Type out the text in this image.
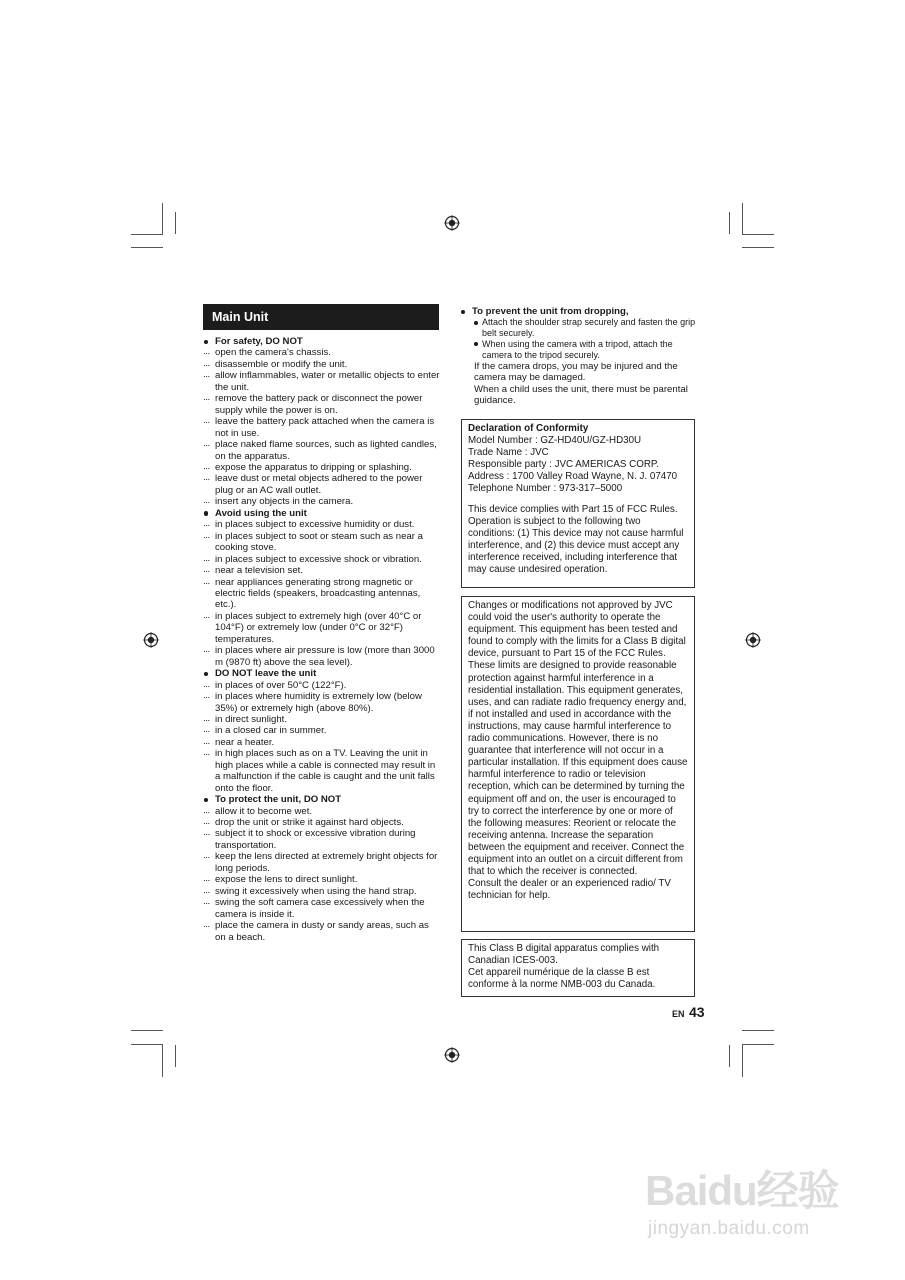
Main Unit
For safety, DO NOT
... open the camera's chassis.
... disassemble or modify the unit.
... allow inflammables, water or metallic objects to enter the unit.
... remove the battery pack or disconnect the power supply while the power is on.
... leave the battery pack attached when the camera is not in use.
... place naked flame sources, such as lighted candles, on the apparatus.
... expose the apparatus to dripping or splashing.
... leave dust or metal objects adhered to the power plug or an AC wall outlet.
... insert any objects in the camera.
Avoid using the unit
... in places subject to excessive humidity or dust.
... in places subject to soot or steam such as near a cooking stove.
... in places subject to excessive shock or vibration.
... near a television set.
... near appliances generating strong magnetic or electric fields (speakers, broadcasting antennas, etc.).
... in places subject to extremely high (over 40°C or 104°F) or extremely low (under 0°C or 32°F) temperatures.
... in places where air pressure is low (more than 3000 m (9870 ft) above the sea level).
DO NOT leave the unit
... in places of over 50°C (122°F).
... in places where humidity is extremely low (below 35%) or extremely high (above 80%).
... in direct sunlight.
... in a closed car in summer.
... near a heater.
... in high places such as on a TV. Leaving the unit in high places while a cable is connected may result in a malfunction if the cable is caught and the unit falls onto the floor.
To protect the unit, DO NOT
... allow it to become wet.
... drop the unit or strike it against hard objects.
... subject it to shock or excessive vibration during transportation.
... keep the lens directed at extremely bright objects for long periods.
... expose the lens to direct sunlight.
... swing it excessively when using the hand strap.
... swing the soft camera case excessively when the camera is inside it.
... place the camera in dusty or sandy areas, such as on a beach.
To prevent the unit from dropping,
Attach the shoulder strap securely and fasten the grip belt securely.
When using the camera with a tripod, attach the camera to the tripod securely.
If the camera drops, you may be injured and the camera may be damaged.
When a child uses the unit, there must be parental guidance.

Declaration of Conformity

Model Number : GZ-HD40U/GZ-HD30U

Trade Name : JVC

Responsible party : JVC AMERICAS CORP.

Address : 1700 Valley Road Wayne, N. J. 07470

Telephone Number : 973-317–5000

This device complies with Part 15 of FCC Rules. Operation is subject to the following two conditions: (1) This device may not cause harmful interference, and (2) this device must accept any interference received, including interference that may cause undesired operation.

Changes or modifications not approved by JVC could void the user's authority to operate the equipment. This equipment has been tested and found to comply with the limits for a Class B digital device, pursuant to Part 15 of the FCC Rules. These limits are designed to provide reasonable protection against harmful interference in a residential installation. This equipment generates, uses, and can radiate radio frequency energy and, if not installed and used in accordance with the instructions, may cause harmful interference to radio communications. However, there is no guarantee that interference will not occur in a particular installation. If this equipment does cause harmful interference to radio or television reception, which can be determined by turning the equipment off and on, the user is encouraged to try to correct the interference by one or more of the following measures: Reorient or relocate the receiving antenna. Increase the separation between the equipment and receiver. Connect the equipment into an outlet on a circuit different from that to which the receiver is connected.

Consult the dealer or an experienced radio/ TV technician for help.

This Class B digital apparatus complies with Canadian ICES-003.

Cet appareil numérique de la classe B est conforme à la norme NMB-003 du Canada.

EN 43
Baidu经验
jingyan.baidu.com
